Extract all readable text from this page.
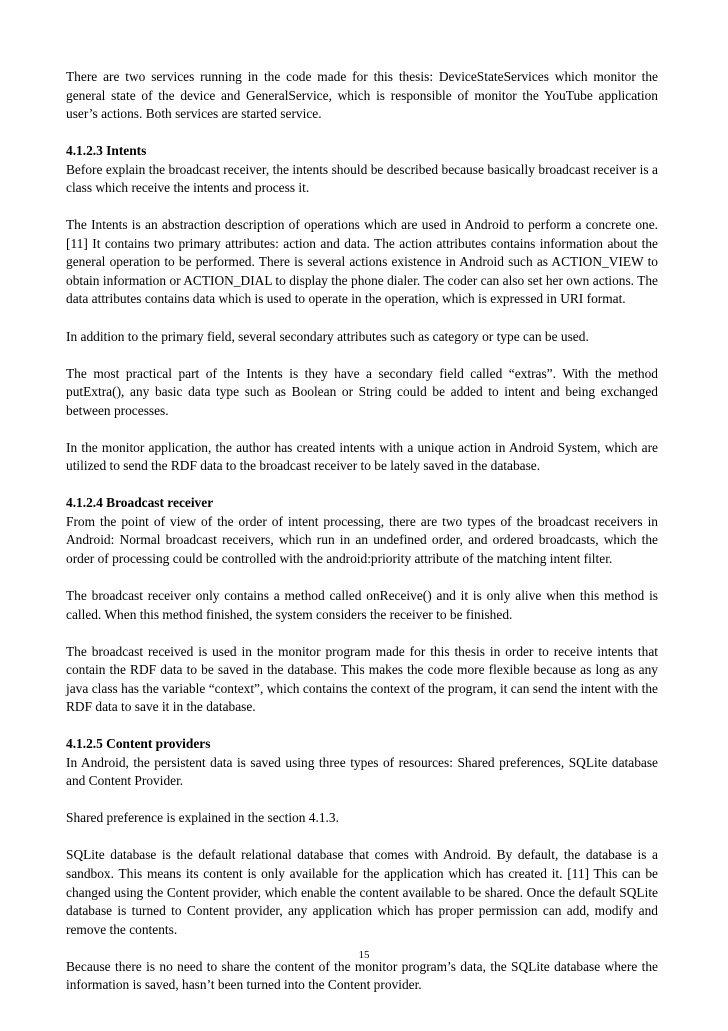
There are two services running in the code made for this thesis: DeviceStateServices which monitor the general state of the device and GeneralService, which is responsible of monitor the YouTube application user’s actions. Both services are started service.

4.1.2.3 Intents

Before explain the broadcast receiver, the intents should be described because basically broadcast receiver is a class which receive the intents and process it.

The Intents is an abstraction description of operations which are used in Android to perform a concrete one. [11] It contains two primary attributes: action and data. The action attributes contains information about the general operation to be performed. There is several actions existence in Android such as ACTION_VIEW to obtain information or ACTION_DIAL to display the phone dialer. The coder can also set her own actions. The data attributes contains data which is used to operate in the operation, which is expressed in URI format.

In addition to the primary field, several secondary attributes such as category or type can be used.

The most practical part of the Intents is they have a secondary field called “extras”. With the method putExtra(), any basic data type such as Boolean or String could be added to intent and being exchanged between processes.

In the monitor application, the author has created intents with a unique action in Android System, which are utilized to send the RDF data to the broadcast receiver to be lately saved in the database.

4.1.2.4 Broadcast receiver

From the point of view of the order of intent processing, there are two types of the broadcast receivers in Android: Normal broadcast receivers, which run in an undefined order, and ordered broadcasts, which the order of processing could be controlled with the android:priority attribute of the matching intent filter.

The broadcast receiver only contains a method called onReceive() and it is only alive when this method is called. When this method finished, the system considers the receiver to be finished.

The broadcast received is used in the monitor program made for this thesis in order to receive intents that contain the RDF data to be saved in the database. This makes the code more flexible because as long as any java class has the variable “context”, which contains the context of the program, it can send the intent with the RDF data to save it in the database.

4.1.2.5 Content providers

In Android, the persistent data is saved using three types of resources: Shared preferences, SQLite database and Content Provider.

Shared preference is explained in the section 4.1.3.

SQLite database is the default relational database that comes with Android. By default, the database is a sandbox. This means its content is only available for the application which has created it. [11] This can be changed using the Content provider, which enable the content available to be shared. Once the default SQLite database is turned to Content provider, any application which has proper permission can add, modify and remove the contents.

Because there is no need to share the content of the monitor program’s data, the SQLite database where the information is saved, hasn’t been turned into the Content provider.

15
